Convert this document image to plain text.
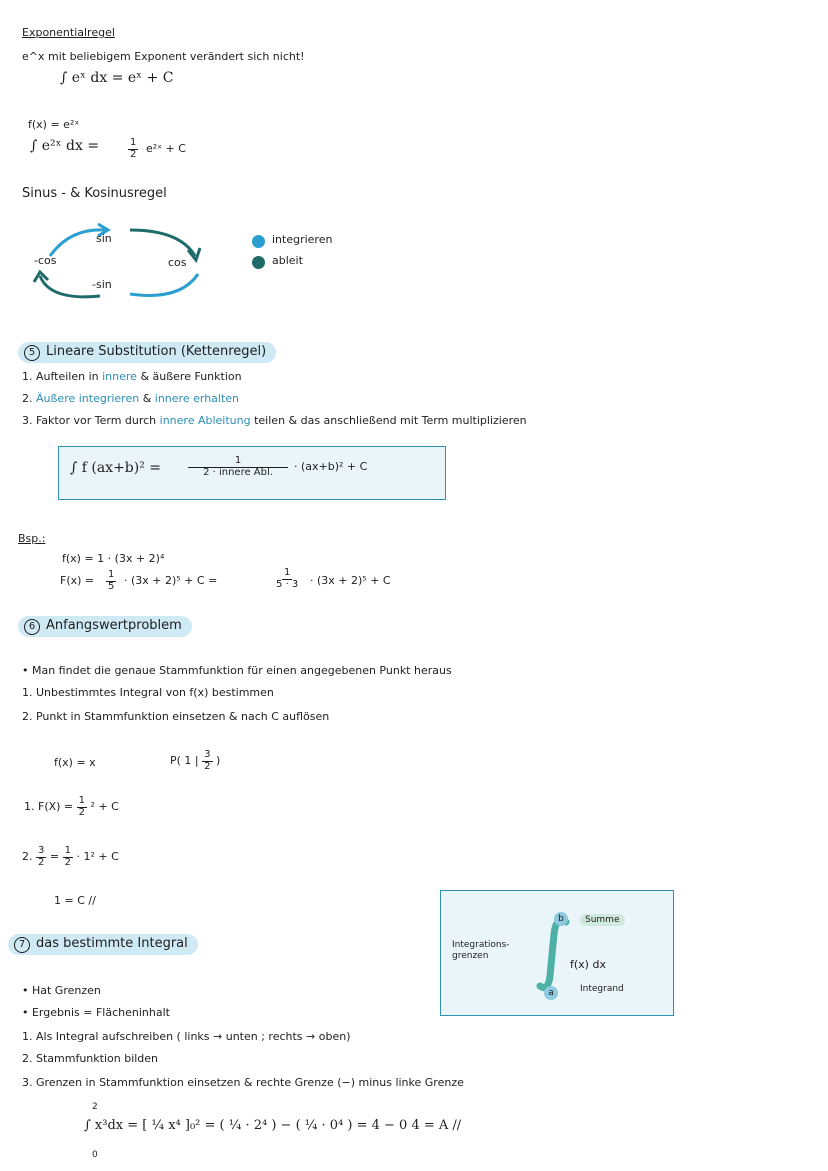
Exponentialregel
e^x mit beliebigem Exponent verändert sich nicht!
∫ eˣ dx = eˣ + C
f(x) = e²ˣ
∫ e²ˣ dx =	$\frac{1}{2}$ e²ˣ + C
Sinus - & Kosinusregel
sin
-cos	cos
-sin
integrieren
ableit
5 Lineare Substitution (Kettenregel)
1. Aufteilen in innere & äußere Funktion
2. Äußere integrieren & innere erhalten
3. Faktor vor Term durch innere Ableitung teilen & das anschließend mit Term multiplizieren
∫ f (ax+b)² =	$\frac{1}{\text{2 · innere Abl.}} \cdot (ax+b)^2 + C$
Bsp.:
f(x) = 1 · (3x + 2)⁴
$F(x) = \frac{1}{5} \cdot (3x + 2)^5 + C$ =	$\frac{1}{5 \cdot 3} \cdot (3x + 2)^5 + C$
6 Anfangswertproblem
• Man findet die genaue Stammfunktion für einen angegebenen Punkt heraus
1. Unbestimmtes Integral von f(x) bestimmen
2. Punkt in Stammfunktion einsetzen & nach C auflösen
f(x) = x	P( 1 | $\frac{3}{2}$ )
1. $F(X) = \frac{1}{2} ^2 + C$
2. $\frac{3}{2} = \frac{1}{2} \cdot 1^2 + C$
1 = C //
7 das bestimmte Integral	Integrations-grenzen
b
a
Summe
f(x) dx
Integrand
• Hat Grenzen
• Ergebnis = Flächeninhalt
1. Als Integral aufschreiben ( links → unten ; rechts → oben)
2. Stammfunktion bilden
3. Grenzen in Stammfunktion einsetzen & rechte Grenze (−) minus linke Grenze
2
∫ x³dx = [ ¼ x⁴ ]₀² = ( ¼ · 2⁴ ) − ( ¼ · 0⁴ ) = 4 − 0 4 = A //
0
